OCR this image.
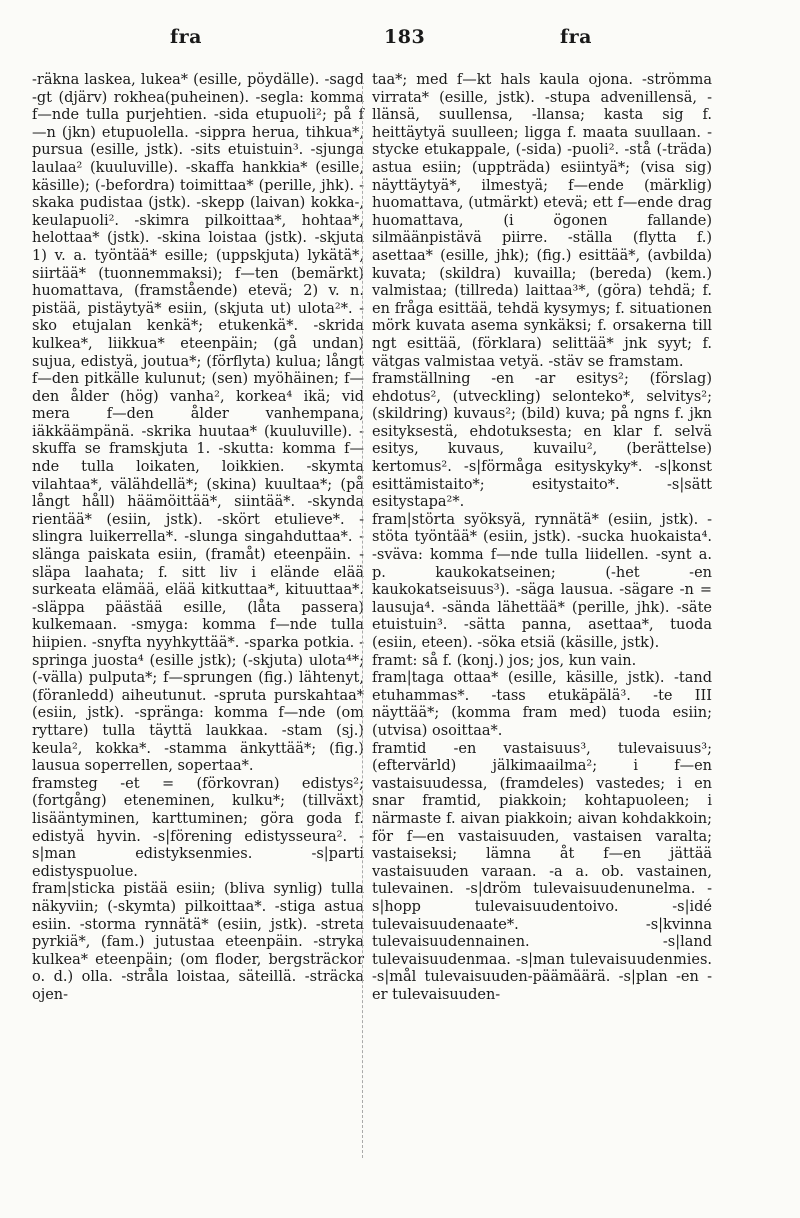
fra	183	fra

-räkna laskea, lukea* (esille, pöydälle). -sagd -gt (djärv) rokhea(puheinen). -segla: komma f—nde tulla purjehtien. -sida etupuoli²; på f—n (jkn) etupuolella. -sippra herua, tihkua*, pursua (esille, jstk). -sits etuistuin³. -sjunga laulaa² (kuuluville). -skaffa hankkia* (esille, käsille); (-befordra) toimittaa* (perille, jhk). -skaka pudistaa (jstk). -skepp (laivan) kokka-, keulapuoli². -skimra pilkoittaa*, hohtaa*, helottaa* (jstk). -skina loistaa (jstk). -skjuta 1) v. a. työntää* esille; (uppskjuta) lykätä*, siirtää* (tuonnemmaksi); f—ten (bemärkt) huomattava, (framstående) etevä; 2) v. n. pistää, pistäytyä* esiin, (skjuta ut) ulota²*. -sko etujalan kenkä*; etukenkä*. -skrida kulkea*, liikkua* eteenpäin; (gå undan) sujua, edistyä, joutua*; (förflyta) kulua; långt f—den pitkälle kulunut; (sen) myöhäinen; f—den ålder (hög) vanha², korkea⁴ ikä; vid mera f—den ålder vanhempana, iäkkäämpänä. -skrika huutaa* (kuuluville). -skuffa se framskjuta 1. -skutta: komma f—nde tulla loikaten, loikkien. -skymta vilahtaa*, välähdellä*; (skina) kuultaa*; (på långt håll) häämöittää*, siintää*. -skynda rientää* (esiin, jstk). -skört etulieve*. -slingra luikerrella*. -slunga singahduttaa*. -slänga paiskata esiin, (framåt) eteenpäin. -släpa laahata; f. sitt liv i elände elää surkeata elämää, elää kitkuttaa*, kituuttaa*. -släppa päästää esille, (låta passera) kulkemaan. -smyga: komma f—nde tulla hiipien. -snyfta nyyhkyttää*. -sparka potkia. -springa juosta⁴ (esille jstk); (-skjuta) ulota⁴*; (-välla) pulputa*; f—sprungen (fig.) lähtenyt, (föranledd) aiheutunut. -spruta purskahtaa* (esiin, jstk). -spränga: komma f—nde (om ryttare) tulla täyttä laukkaa. -stam (sj.) keula², kokka*. -stamma änkyttää*; (fig.) lausua soperrellen, sopertaa*.

framsteg -et = (förkovran) edistys²; (fortgång) eteneminen, kulku*; (tillväxt) lisääntyminen, karttuminen; göra goda f. edistyä hyvin. -s|förening edistysseura². -s|man edistyksenmies. -s|parti edistyspuolue.

fram|sticka pistää esiin; (bliva synlig) tulla näkyviin; (-skymta) pilkoittaa*. -stiga astua esiin. -storma rynnätä* (esiin, jstk). -streta pyrkiä*, (fam.) jutustaa eteenpäin. -stryka kulkea* eteenpäin; (om floder, bergsträckor o. d.) olla. -stråla loistaa, säteillä. -sträcka ojen-

taa*; med f—kt hals kaula ojona. -strömma virrata* (esille, jstk). -stupa advenillensä, -llänsä, suullensa, -llansa; kasta sig f. heittäytyä suulleen; ligga f. maata suullaan. -stycke etukappale, (-sida) -puoli². -stå (-träda) astua esiin; (uppträda) esiintyä*; (visa sig) näyttäytyä*, ilmestyä; f—ende (märklig) huomattava, (utmärkt) etevä; ett f—ende drag huomattava, (i ögonen fallande) silmäänpistävä piirre. -ställa (flytta f.) asettaa* (esille, jhk); (fig.) esittää*, (avbilda) kuvata; (skildra) kuvailla; (bereda) (kem.) valmistaa; (tillreda) laittaa³*, (göra) tehdä; f. en fråga esittää, tehdä kysymys; f. situationen mörk kuvata asema synkäksi; f. orsakerna till ngt esittää, (förklara) selittää* jnk syyt; f. vätgas valmistaa vetyä. -stäv se framstam.

framställning -en -ar esitys²; (förslag) ehdotus², (utveckling) selonteko*, selvitys²; (skildring) kuvaus²; (bild) kuva; på ngns f. jkn esityksestä, ehdotuksesta; en klar f. selvä esitys, kuvaus, kuvailu², (berättelse) kertomus². -s|förmåga esityskyky*. -s|konst esittämistaito*; esitystaito*. -s|sätt esitystapa²*.

fram|störta syöksyä, rynnätä* (esiin, jstk). -stöta työntää* (esiin, jstk). -sucka huokaista⁴. -sväva: komma f—nde tulla liidellen. -synt a. p. kaukokatseinen; (-het -en kaukokatseisuus³). -säga lausua. -sägare -n = lausuja⁴. -sända lähettää* (perille, jhk). -säte etuistuin³. -sätta panna, asettaa*, tuoda (esiin, eteen). -söka etsiä (käsille, jstk).

framt: så f. (konj.) jos; jos, kun vain.

fram|taga ottaa* (esille, käsille, jstk). -tand etuhammas*. -tass etukäpälä³. -te III näyttää*; (komma fram med) tuoda esiin; (utvisa) osoittaa*.

framtid -en vastaisuus³, tulevaisuus³; (eftervärld) jälkimaailma²; i f—en vastaisuudessa, (framdeles) vastedes; i en snar framtid, piakkoin; kohtapuoleen; i närmaste f. aivan piakkoin; aivan kohdakkoin; för f—en vastaisuuden, vastaisen varalta; vastaiseksi; lämna åt f—en jättää vastaisuuden varaan. -a a. ob. vastainen, tulevainen. -s|dröm tulevaisuudenunelma. -s|hopp tulevaisuudentoivo. -s|idé tulevaisuudenaate*. -s|kvinna tulevaisuudennainen. -s|land tulevaisuudenmaa. -s|man tulevaisuudenmies. -s|mål tulevaisuuden-päämäärä. -s|plan -en -er tulevaisuuden-
